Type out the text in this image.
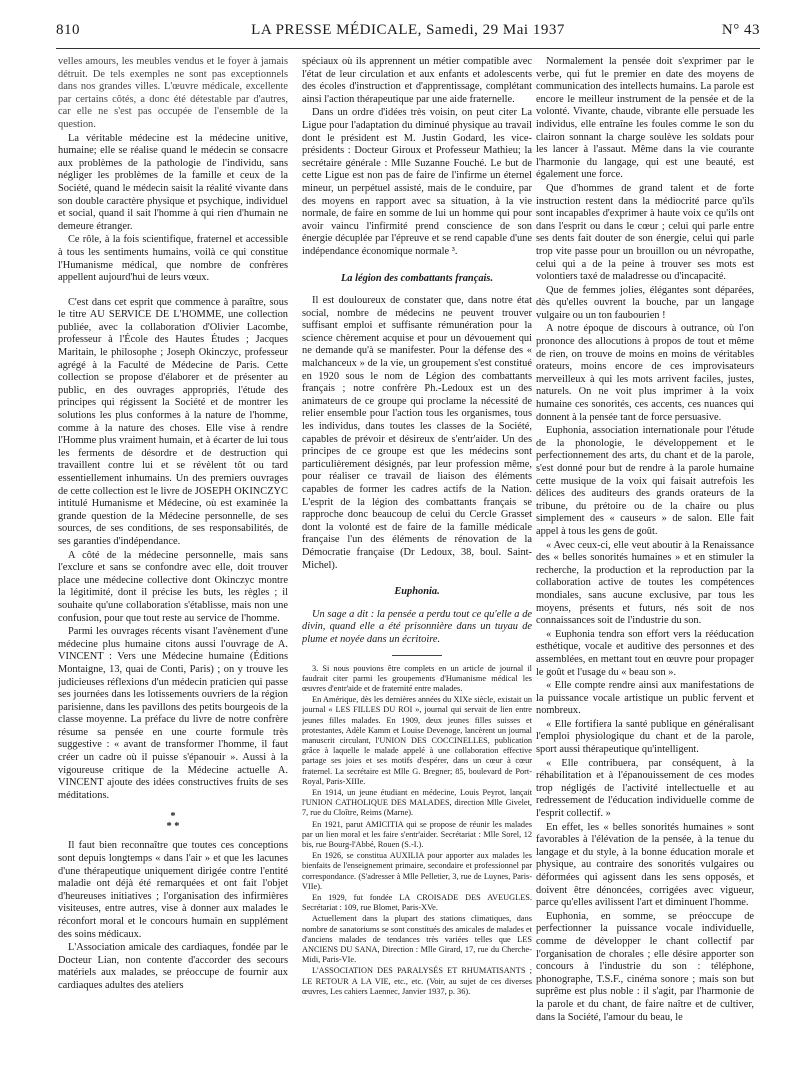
810	LA PRESSE MÉDICALE, Samedi, 29 Mai 1937	N° 43

velles amours, les meubles vendus et le foyer à jamais détruit. De tels exemples ne sont pas exceptionnels dans nos grandes villes. L'œuvre médicale, excellente par certains côtés, a donc été détestable par d'autres, car elle ne s'est pas occupée de l'ensemble de la question.

La véritable médecine est la médecine unitive, humaine; elle se réalise quand le médecin se consacre aux problèmes de la pathologie de l'individu, sans négliger les problèmes de la famille et ceux de la Société, quand le médecin saisit la réalité vivante dans son double caractère physique et psychique, individuel et social, quand il sait l'homme à qui rien d'humain ne demeure étranger.

Ce rôle, à la fois scientifique, fraternel et accessible à tous les sentiments humains, voilà ce qui constitue l'Humanisme médical, que nombre de confrères appellent aujourd'hui de leurs vœux.

C'est dans cet esprit que commence à paraître, sous le titre AU SERVICE DE L'HOMME, une collection publiée, avec la collaboration d'Olivier Lacombe, professeur à l'École des Hautes Études ; Jacques Maritain, le philosophe ; Joseph Okinczyc, professeur agrégé à la Faculté de Médecine de Paris. Cette collection se propose d'élaborer et de présenter au public, en des ouvrages appropriés, l'étude des principes qui régissent la Société et de montrer les solutions les plus conformes à la nature de l'homme, comme à la nature des choses. Elle vise à rendre l'Homme plus vraiment humain, et à écarter de lui tous les ferments de désordre et de destruction qui travaillent contre lui et se révèlent tôt ou tard essentiellement inhumains. Un des premiers ouvrages de cette collection est le livre de JOSEPH OKINCZYC intitulé Humanisme et Médecine, où est examinée la grande question de la Médecine personnelle, de ses sources, de ses conditions, de ses responsabilités, de ses garanties d'indépendance.

A côté de la médecine personnelle, mais sans l'exclure et sans se confondre avec elle, doit trouver place une médecine collective dont Okinczyc montre la légitimité, dont il précise les buts, les règles ; il souhaite qu'une collaboration s'établisse, mais non une confusion, pour que tout reste au service de l'homme.

Parmi les ouvrages récents visant l'avènement d'une médecine plus humaine citons aussi l'ouvrage de A. VINCENT : Vers une Médecine humaine (Éditions Montaigne, 13, quai de Conti, Paris) ; on y trouve les judicieuses réflexions d'un médecin praticien qui passe ses journées dans les lotissements ouvriers de la région parisienne, dans les pavillons des petits bourgeois de la classe moyenne. La préface du livre de notre confrère résume sa pensée en une courte formule très suggestive : « avant de transformer l'homme, il faut créer un cadre où il puisse s'épanouir ». Aussi à la vigoureuse critique de la Médecine actuelle A. VINCENT ajoute des idées constructives fruits de ses méditations.

*
* *

Il faut bien reconnaître que toutes ces conceptions sont depuis longtemps « dans l'air » et que les lacunes d'une thérapeutique uniquement dirigée contre l'entité maladie ont déjà été remarquées et ont fait l'objet d'heureuses initiatives ; l'organisation des infirmières visiteuses, entre autres, vise à donner aux malades le réconfort moral et le concours humain en supplément des soins médicaux.

L'Association amicale des cardiaques, fondée par le Docteur Lian, non contente d'accorder des secours matériels aux malades, se préoccupe de fournir aux cardiaques adultes des ateliers

spéciaux où ils apprennent un métier compatible avec l'état de leur circulation et aux enfants et adolescents des écoles d'instruction et d'apprentissage, complétant ainsi l'action thérapeutique par une aide fraternelle.

Dans un ordre d'idées très voisin, on peut citer La Ligue pour l'adaptation du diminué physique au travail dont le président est M. Justin Godard, les vice-présidents : Docteur Giroux et Professeur Mathieu; la secrétaire générale : Mlle Suzanne Fouché. Le but de cette Ligue est non pas de faire de l'infirme un éternel mineur, un perpétuel assisté, mais de le conduire, par des moyens en rapport avec sa situation, à la vie normale, de faire en somme de lui un homme qui pour avoir vaincu l'infirmité prend conscience de son énergie décuplée par l'épreuve et se rend capable d'une indépendance économique normale ³.

La légion des combattants français.

Il est douloureux de constater que, dans notre état social, nombre de médecins ne peuvent trouver suffisant emploi et suffisante rémunération pour la science chèrement acquise et pour un dévouement qui ne demande qu'à se manifester. Pour la défense des « malchanceux » de la vie, un groupement s'est constitué en 1920 sous le nom de Légion des combattants français ; notre confrère Ph.-Ledoux est un des animateurs de ce groupe qui proclame la nécessité de relier ensemble pour l'action tous les organismes, tous les individus, dans toutes les classes de la Société, capables de prévoir et désireux de s'entr'aider. Un des principes de ce groupe est que les médecins sont particulièrement désignés, par leur profession même, pour réaliser ce travail de liaison des éléments capables de former les cadres actifs de la Nation. L'esprit de la légion des combattants français se rapproche donc beaucoup de celui du Cercle Grasset dont la volonté est de faire de la famille médicale française l'un des éléments de rénovation de la Démocratie française (Dr Ledoux, 38, boul. Saint-Michel).

Euphonia.

Un sage a dit : la pensée a perdu tout ce qu'elle a de divin, quand elle a été prisonnière dans un tuyau de plume et noyée dans un écritoire.

3. Si nous pouvions être complets en un article de journal il faudrait citer parmi les groupements d'Humanisme médical les œuvres d'entr'aide et de fraternité entre malades.

En Amérique, dès les dernières années du XIXe siècle, existait un journal « LES FILLES DU ROI », journal qui servait de lien entre jeunes filles malades. En 1909, deux jeunes filles suisses et protestantes, Adèle Kamm et Louise Devenoge, lancèrent un journal manuscrit circulant, l'UNION DES COCCINELLES, publication grâce à laquelle le malade appelé à une collaboration effective partage ses joies et ses motifs d'espérer, dans un cœur à cœur fraternel. La secrétaire est Mlle G. Bregner; 85, boulevard de Port-Royal, Paris-XIIIe.

En 1914, un jeune étudiant en médecine, Louis Peyrot, lançait l'UNION CATHOLIQUE DES MALADES, direction Mlle Givelet, 7, rue du Cloître, Reims (Marne).

En 1921, parut AMICITIA qui se propose de réunir les malades par un lien moral et les faire s'entr'aider. Secrétariat : Mlle Sorel, 12 bis, rue Bourg-l'Abbé, Rouen (S.-I.).

En 1926, se constitua AUXILIA pour apporter aux malades les bienfaits de l'enseignement primaire, secondaire et professionnel par correspondance. (S'adresser à Mlle Pelletier, 3, rue de Luynes, Paris-VIIe).

En 1929, fut fondée LA CROISADE DES AVEUGLES. Secrétariat : 109, rue Blomet, Paris-XVe.

Actuellement dans la plupart des stations climatiques, dans nombre de sanatoriums se sont constitués des amicales de malades et d'anciens malades de tendances très variées telles que LES ANCIENS DU SANA, Direction : Mlle Girard, 17, rue du Cherche-Midi, Paris-VIe.

L'ASSOCIATION DES PARALYSÉS ET RHUMATISANTS ; LE RETOUR A LA VIE, etc., etc. (Voir, au sujet de ces diverses œuvres, Les cahiers Laennec, Janvier 1937, p. 36).

Normalement la pensée doit s'exprimer par le verbe, qui fut le premier en date des moyens de communication des intellects humains. La parole est encore le meilleur instrument de la pensée et de la volonté. Vivante, chaude, vibrante elle persuade les individus, elle entraîne les foules comme le son du clairon sonnant la charge soulève les soldats pour les lancer à l'assaut. Même dans la vie courante l'harmonie du langage, qui est une beauté, est également une force.

Que d'hommes de grand talent et de forte instruction restent dans la médiocrité parce qu'ils sont incapables d'exprimer à haute voix ce qu'ils ont dans l'esprit ou dans le cœur ; celui qui parle entre ses dents fait douter de son énergie, celui qui parle trop vite passe pour un brouillon ou un névropathe, celui qui a de la peine à trouver ses mots est volontiers taxé de maladresse ou d'incapacité.

Que de femmes jolies, élégantes sont déparées, dès qu'elles ouvrent la bouche, par un langage vulgaire ou un ton faubourien !

A notre époque de discours à outrance, où l'on prononce des allocutions à propos de tout et même de rien, on trouve de moins en moins de véritables orateurs, moins encore de ces improvisateurs merveilleux à qui les mots arrivent faciles, justes, naturels. On ne voit plus imprimer à la voix humaine ces sonorités, ces accents, ces nuances qui donnent à la pensée tant de force persuasive.

Euphonia, association internationale pour l'étude de la phonologie, le développement et le perfectionnement des arts, du chant et de la parole, s'est donné pour but de rendre à la parole humaine cette musique de la voix qui faisait autrefois les délices des auditeurs des grands orateurs de la tribune, du prétoire ou de la chaire ou plus simplement des « causeurs » de salon. Elle fait appel à tous les gens de goût.

« Avec ceux-ci, elle veut aboutir à la Renaissance des « belles sonorités humaines » et en stimuler la recherche, la production et la reproduction par la collaboration active de toutes les compétences mondiales, sans aucune exclusive, par tous les moyens, présents et futurs, nés soit de nos connaissances soit de l'industrie du son.

« Euphonia tendra son effort vers la rééducation esthétique, vocale et auditive des personnes et des assemblées, en mettant tout en œuvre pour propager le goût et l'usage du « beau son ».

« Elle compte rendre ainsi aux manifestations de la puissance vocale artistique un public fervent et nombreux.

« Elle fortifiera la santé publique en généralisant l'emploi physiologique du chant et de la parole, sport aussi thérapeutique qu'intelligent.

« Elle contribuera, par conséquent, à la réhabilitation et à l'épanouissement de ces modes trop négligés de l'activité intellectuelle et au redressement de l'éducation individuelle comme de l'esprit collectif. »

En effet, les « belles sonorités humaines » sont favorables à l'élévation de la pensée, à la tenue du langage et du style, à la bonne éducation morale et physique, au contraire des sonorités vulgaires ou déformées qui agissent dans les sens opposés, et doivent être dénoncées, corrigées avec vigueur, parce qu'elles avilissent l'art et diminuent l'homme.

Euphonia, en somme, se préoccupe de perfectionner la puissance vocale individuelle, comme de développer le chant collectif par l'organisation de chorales ; elle désire apporter son concours à l'industrie du son : téléphone, phonographe, T.S.F., cinéma sonore ; mais son but suprême est plus noble : il s'agit, par l'harmonie de la parole et du chant, de faire naître et de cultiver, dans la Société, l'amour du beau, le
